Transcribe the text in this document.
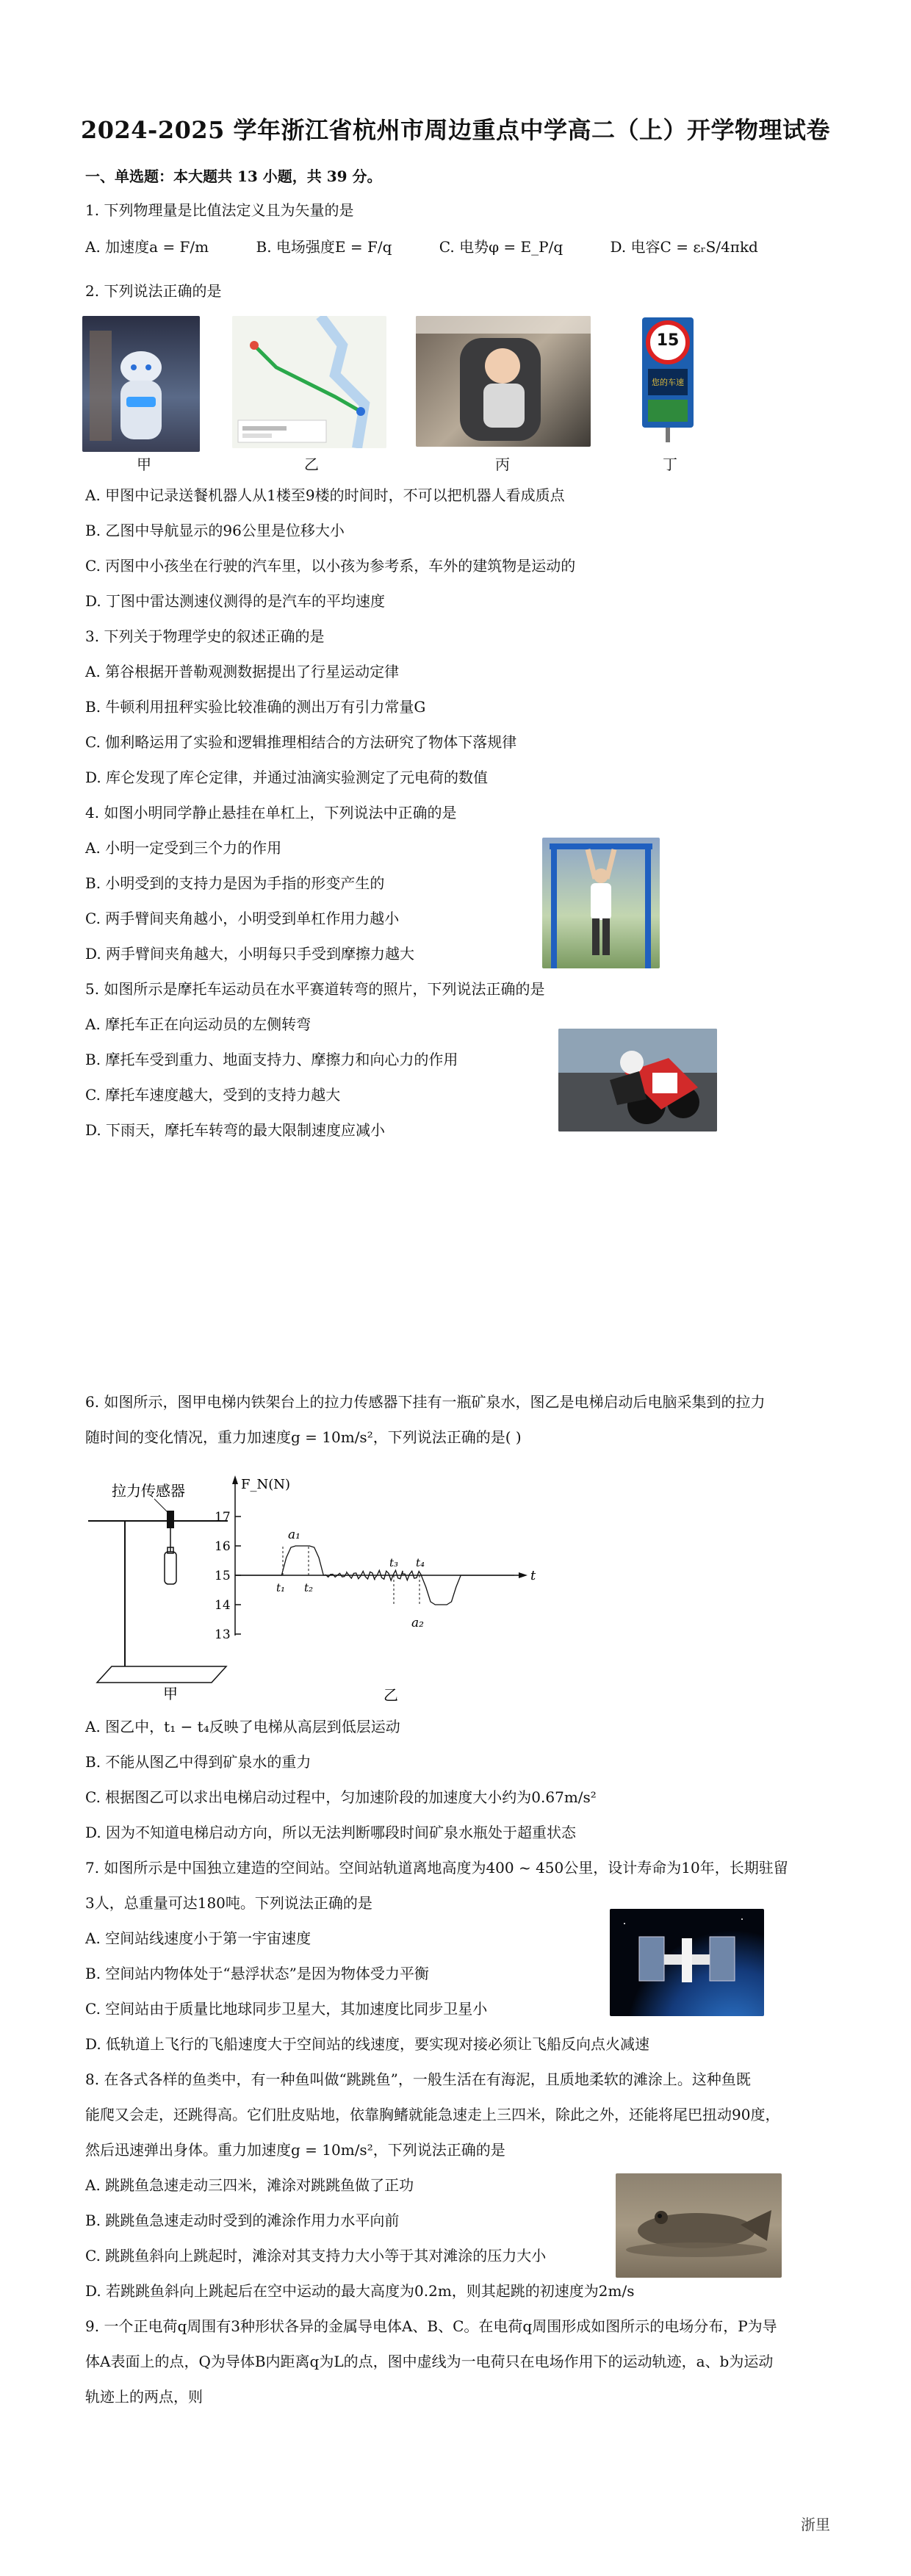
2024-2025 学年浙江省杭州市周边重点中学高二（上）开学物理试卷
一、单选题：本大题共 13 小题，共 39 分。
1. 下列物理量是比值法定义且为矢量的是
A. 加速度a = F/m	B. 电场强度E = F/q	C. 电势φ = E_P/q	D. 电容C = εᵣS/4πkd
2. 下列说法正确的是
15
您的车速
甲	乙	丙	丁
A. 甲图中记录送餐机器人从1楼至9楼的时间时，不可以把机器人看成质点
B. 乙图中导航显示的96公里是位移大小
C. 丙图中小孩坐在行驶的汽车里，以小孩为参考系，车外的建筑物是运动的
D. 丁图中雷达测速仪测得的是汽车的平均速度
3. 下列关于物理学史的叙述正确的是
A. 第谷根据开普勒观测数据提出了行星运动定律
B. 牛顿利用扭秤实验比较准确的测出万有引力常量G
C. 伽利略运用了实验和逻辑推理相结合的方法研究了物体下落规律
D. 库仑发现了库仑定律，并通过油滴实验测定了元电荷的数值
4. 如图小明同学静止悬挂在单杠上，下列说法中正确的是
A. 小明一定受到三个力的作用
B. 小明受到的支持力是因为手指的形变产生的
C. 两手臂间夹角越小，小明受到单杠作用力越小
D. 两手臂间夹角越大，小明每只手受到摩擦力越大
5. 如图所示是摩托车运动员在水平赛道转弯的照片，下列说法正确的是
A. 摩托车正在向运动员的左侧转弯
B. 摩托车受到重力、地面支持力、摩擦力和向心力的作用
C. 摩托车速度越大，受到的支持力越大
D. 下雨天，摩托车转弯的最大限制速度应减小
6. 如图所示，图甲电梯内铁架台上的拉力传感器下挂有一瓶矿泉水，图乙是电梯启动后电脑采集到的拉力
随时间的变化情况，重力加速度g = 10m/s²，下列说法正确的是( )
拉力传感器	F_N(N)
t
17
16
15
14
13
a₁
t₁ t₂
t₃ t₄
a₂
甲	乙
A. 图乙中，t₁ − t₄反映了电梯从高层到低层运动
B. 不能从图乙中得到矿泉水的重力
C. 根据图乙可以求出电梯启动过程中，匀加速阶段的加速度大小约为0.67m/s²
D. 因为不知道电梯启动方向，所以无法判断哪段时间矿泉水瓶处于超重状态
7. 如图所示是中国独立建造的空间站。空间站轨道离地高度为400 ~ 450公里，设计寿命为10年，长期驻留
3人，总重量可达180吨。下列说法正确的是
A. 空间站线速度小于第一宇宙速度
B. 空间站内物体处于“悬浮状态”是因为物体受力平衡
C. 空间站由于质量比地球同步卫星大，其加速度比同步卫星小
D. 低轨道上飞行的飞船速度大于空间站的线速度，要实现对接必须让飞船反向点火减速
8. 在各式各样的鱼类中，有一种鱼叫做“跳跳鱼”，一般生活在有海泥，且质地柔软的滩涂上。这种鱼既
能爬又会走，还跳得高。它们肚皮贴地，依靠胸鳍就能急速走上三四米，除此之外，还能将尾巴扭动90度，
然后迅速弹出身体。重力加速度g = 10m/s²，下列说法正确的是
A. 跳跳鱼急速走动三四米，滩涂对跳跳鱼做了正功
B. 跳跳鱼急速走动时受到的滩涂作用力水平向前
C. 跳跳鱼斜向上跳起时，滩涂对其支持力大小等于其对滩涂的压力大小
D. 若跳跳鱼斜向上跳起后在空中运动的最大高度为0.2m，则其起跳的初速度为2m/s
9. 一个正电荷q周围有3种形状各异的金属导电体A、B、C。在电荷q周围形成如图所示的电场分布，P为导
体A表面上的点，Q为导体B内距离q为L的点，图中虚线为一电荷只在电场作用下的运动轨迹，a、b为运动
轨迹上的两点，则
浙里
